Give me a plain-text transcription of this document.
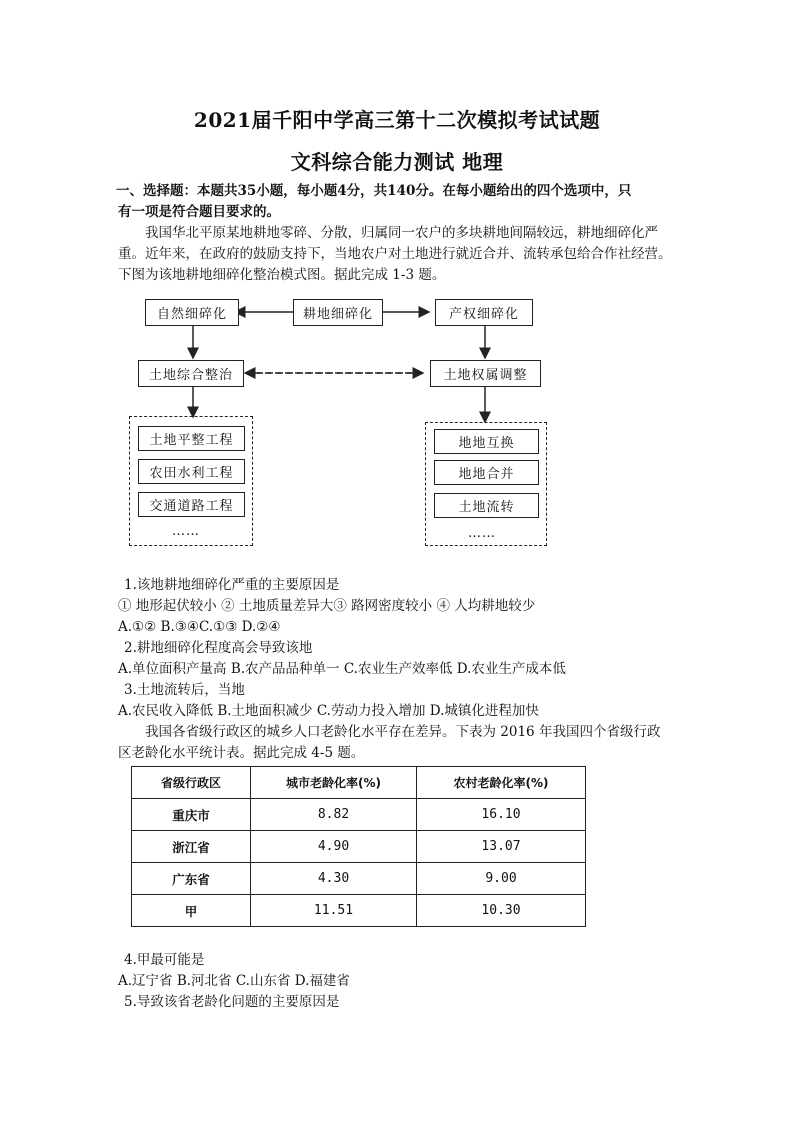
2021届千阳中学高三第十二次模拟考试试题
文科综合能力测试 地理
一、选择题：本题共35小题，每小题4分，共140分。在每小题给出的四个选项中，只
有一项是符合题目要求的。
我国华北平原某地耕地零碎、分散，归属同一农户的多块耕地间隔较远，耕地细碎化严
重。近年来，在政府的鼓励支持下，当地农户对土地进行就近合并、流转承包给合作社经营。
下图为该地耕地细碎化整治模式图。据此完成 1-3 题。
自然细碎化	耕地细碎化	产权细碎化
土地综合整治	土地权属调整
土地平整工程
农田水利工程
交通道路工程
……
地地互换
地地合并
土地流转
……
1.该地耕地细碎化严重的主要原因是
① 地形起伏较小 ② 土地质量差异大③ 路网密度较小 ④ 人均耕地较少
A.①② B.③④C.①③ D.②④
2.耕地细碎化程度高会导致该地
A.单位面积产量高 B.农产品品种单一 C.农业生产效率低 D.农业生产成本低
3.土地流转后，当地
A.农民收入降低 B.土地面积减少 C.劳动力投入增加 D.城镇化进程加快
我国各省级行政区的城乡人口老龄化水平存在差异。下表为 2016 年我国四个省级行政
区老龄化水平统计表。据此完成 4-5 题。
省级行政区	城市老龄化率(%)	农村老龄化率(%)
重庆市	8.82	16.10
浙江省	4.90	13.07
广东省	4.30	9.00
甲	11.51	10.30
4.甲最可能是
A.辽宁省 B.河北省 C.山东省 D.福建省
5.导致该省老龄化问题的主要原因是
